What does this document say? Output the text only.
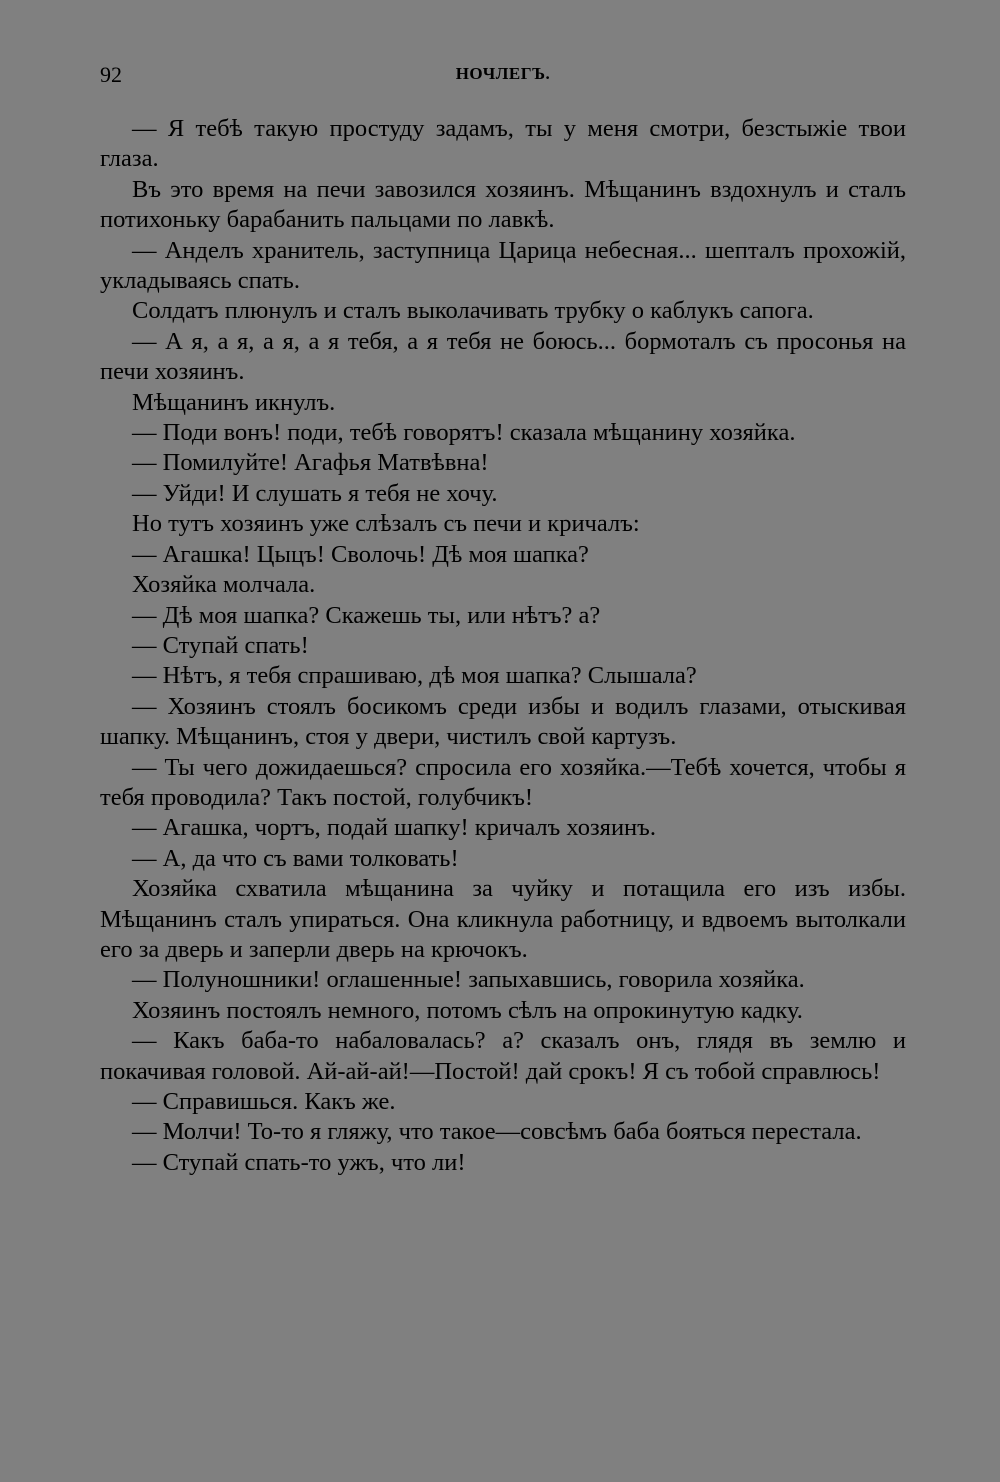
92	НОЧЛЕГЪ.

— Я тебѣ такую простуду задамъ, ты у меня смотри, безстыжіе твои глаза.

Въ это время на печи завозился хозяинъ. Мѣщанинъ вздохнулъ и сталъ потихоньку барабанить пальцами по лавкѣ.

— Анделъ хранитель, заступница Царица небесная... шепталъ прохожій, укладываясь спать.

Солдатъ плюнулъ и сталъ выколачивать трубку о каблукъ сапога.

— А я, а я, а я, а я тебя, а я тебя не боюсь... бормоталъ съ просонья на печи хозяинъ.

Мѣщанинъ икнулъ.

— Поди вонъ! поди, тебѣ говорятъ! сказала мѣщанину хозяйка.

— Помилуйте! Агафья Матвѣвна!

— Уйди! И слушать я тебя не хочу.

Но тутъ хозяинъ уже слѣзалъ съ печи и кричалъ:

— Агашка! Цыцъ! Сволочь! Дѣ моя шапка?

Хозяйка молчала.

— Дѣ моя шапка? Скажешь ты, или нѣтъ? а?

— Ступай спать!

— Нѣтъ, я тебя спрашиваю, дѣ моя шапка? Слышала?

— Хозяинъ стоялъ босикомъ среди избы и водилъ глазами, отыскивая шапку. Мѣщанинъ, стоя у двери, чистилъ свой картузъ.

— Ты чего дожидаешься? спросила его хозяйка.—Тебѣ хочется, чтобы я тебя проводила? Такъ постой, голубчикъ!

— Агашка, чортъ, подай шапку! кричалъ хозяинъ.

— А, да что съ вами толковать!

Хозяйка схватила мѣщанина за чуйку и потащила его изъ избы. Мѣщанинъ сталъ упираться. Она кликнула работницу, и вдвоемъ вытолкали его за дверь и заперли дверь на крючокъ.

— Полуношники! оглашенные! запыхавшись, говорила хозяйка.

Хозяинъ постоялъ немного, потомъ сѣлъ на опрокинутую кадку.

— Какъ баба-то набаловалась? а? сказалъ онъ, глядя въ землю и покачивая головой. Ай-ай-ай!—Постой! дай срокъ! Я съ тобой справлюсь!

— Справишься. Какъ же.

— Молчи! То-то я гляжу, что такое—совсѣмъ баба бояться перестала.

— Ступай спать-то ужъ, что ли!
